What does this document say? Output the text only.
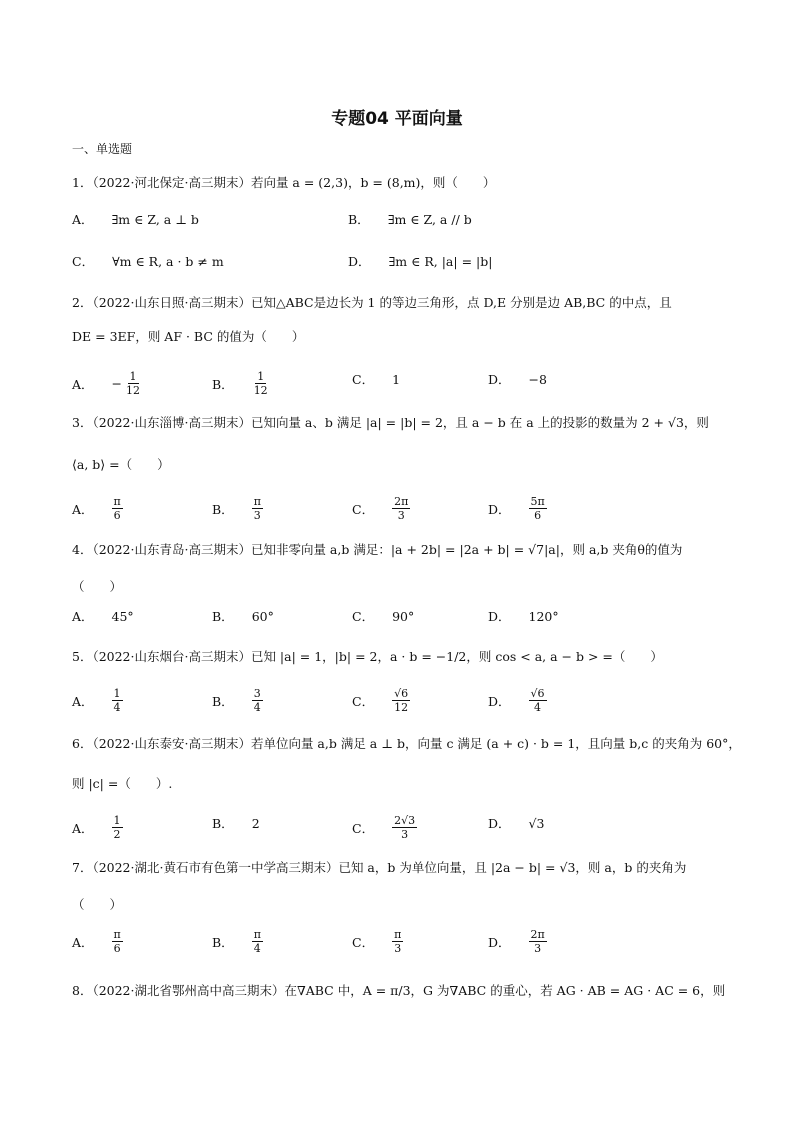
专题04 平面向量
一、单选题
1．（2022·河北保定·高三期末）若向量 a = (2,3)，b = (8,m)，则（　　）
A． ∃m ∈ Z, a ⊥ b	B． ∃m ∈ Z, a // b
C． ∀m ∈ R, a · b ≠ m	D． ∃m ∈ R, |a| = |b|
2．（2022·山东日照·高三期末）已知△ABC是边长为 1 的等边三角形，点 D,E 分别是边 AB,BC 的中点，且
DE = 3EF，则 AF · BC 的值为（　　）
A． − $\frac{1}{12}$	B． $\frac{1}{12}$	C． 1	D． −8
3．（2022·山东淄博·高三期末）已知向量 a、b 满足 |a| = |b| = 2，且 a − b 在 a 上的投影的数量为 2 + √3，则
⟨a, b⟩ =（　　）
A． $\frac{\pi}{6}$	B． $\frac{\pi}{3}$	C． $\frac{2\pi}{3}$	D． $\frac{5\pi}{6}$
4．（2022·山东青岛·高三期末）已知非零向量 a,b 满足：|a + 2b| = |2a + b| = √7|a|，则 a,b 夹角θ的值为
（　　）
A． 45°	B． 60°	C． 90°	D． 120°
5．（2022·山东烟台·高三期末）已知 |a| = 1，|b| = 2，a · b = −1/2，则 cos < a, a − b > =（　　）
A． $\frac{1}{4}$	B． $\frac{3}{4}$	C． $\frac{√6}{12}$	D． $\frac{√6}{4}$
6．（2022·山东泰安·高三期末）若单位向量 a,b 满足 a ⊥ b，向量 c 满足 (a + c) · b = 1，且向量 b,c 的夹角为 60°，
则 |c| =（　　）.
A． $\frac{1}{2}$	B． 2	C． $\frac{2√3}{3}$	D． √3
7．（2022·湖北·黄石市有色第一中学高三期末）已知 a，b 为单位向量，且 |2a − b| = √3，则 a，b 的夹角为
（　　）
A． $\frac{\pi}{6}$	B． $\frac{\pi}{4}$	C． $\frac{\pi}{3}$	D． $\frac{2\pi}{3}$
8．（2022·湖北省鄂州高中高三期末）在∇ABC 中，A = π/3，G 为∇ABC 的重心，若 AG · AB = AG · AC = 6，则
